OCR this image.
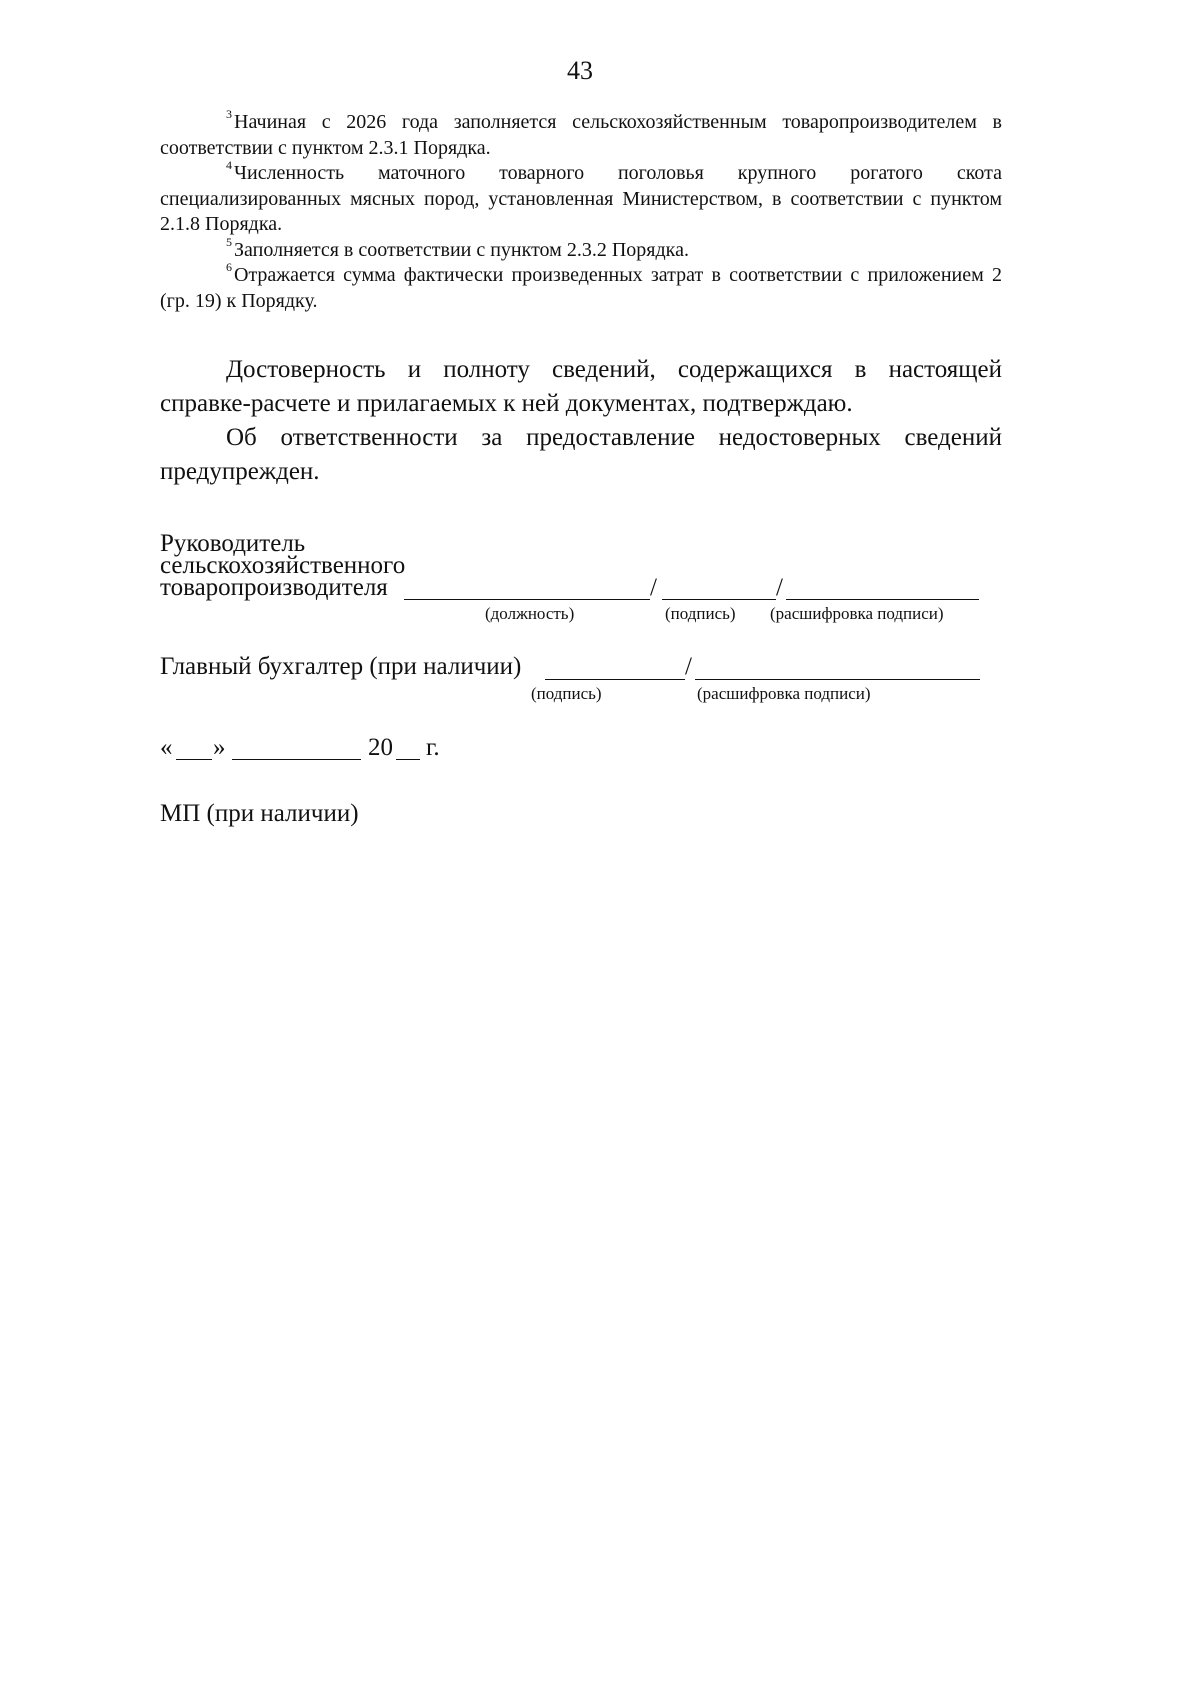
43

$^3$ Начиная с 2026 года заполняется сельскохозяйственным товаропроизводителем в соответствии с пунктом 2.3.1 Порядка.

$^4$ Численность маточного товарного поголовья крупного рогатого скота специализированных мясных пород, установленная Министерством, в соответствии с пунктом 2.1.8 Порядка.

$^5$ Заполняется в соответствии с пунктом 2.3.2 Порядка.

$^6$ Отражается сумма фактически произведенных затрат в соответствии с приложением 2 (гр. 19) к Порядку.

Достоверность и полноту сведений, содержащихся в настоящей справке-расчете и прилагаемых к ней документах, подтверждаю.

Об ответственности за предоставление недостоверных сведений предупрежден.

Руководитель
сельскохозяйственного
товаропроизводителя	/	/
(должность)	(подпись) (расшифровка подписи)
Главный бухгалтер (при наличии)	/
(подпись)	(расшифровка подписи)
« »	20 г.
МП (при наличии)
